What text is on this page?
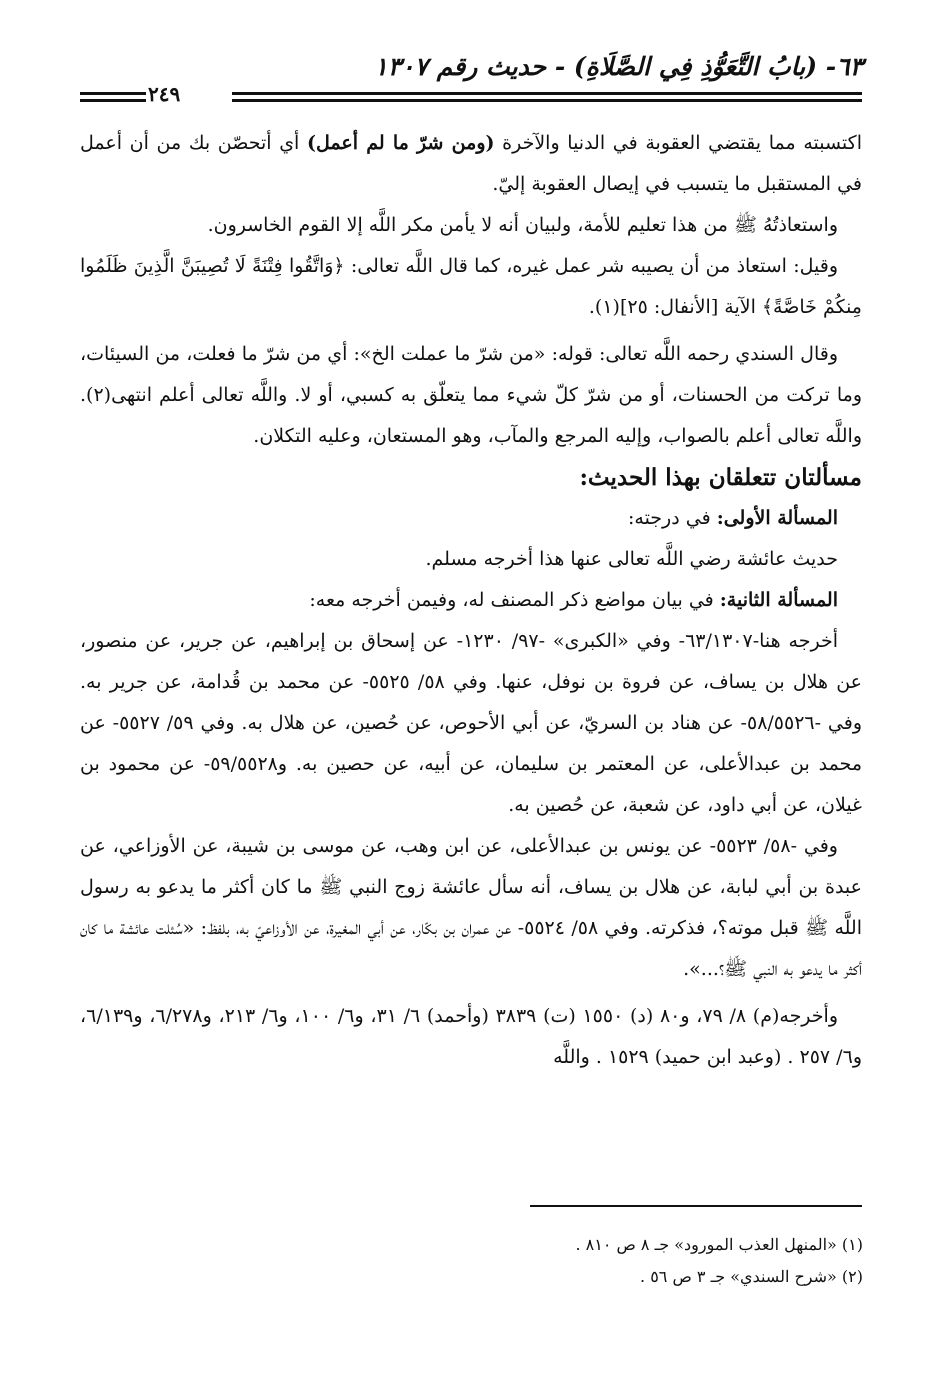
٦٣- (بابُ التَّعَوُّذِ فِي الصَّلَاةِ) - حديث رقم ١٣٠٧
٢٤٩

اكتسبته مما يقتضي العقوبة في الدنيا والآخرة (ومن شرّ ما لم أعمل) أي أتحصّن بك من أن أعمل في المستقبل ما يتسبب في إيصال العقوبة إليّ.

واستعاذتُهُ ﷺ من هذا تعليم للأمة، ولبيان أنه لا يأمن مكر اللَّه إلا القوم الخاسرون.

وقيل: استعاذ من أن يصيبه شر عمل غيره، كما قال اللَّه تعالى: ﴿وَاتَّقُوا فِتْنَةً لَا تُصِيبَنَّ الَّذِينَ ظَلَمُوا مِنكُمْ خَاصَّةً﴾ الآية [الأنفال: ٢٥](١).

وقال السندي رحمه اللَّه تعالى: قوله: «من شرّ ما عملت الخ»: أي من شرّ ما فعلت، من السيئات، وما تركت من الحسنات، أو من شرّ كلّ شيء مما يتعلّق به كسبي، أو لا. واللَّه تعالى أعلم انتهى(٢). واللَّه تعالى أعلم بالصواب، وإليه المرجع والمآب، وهو المستعان، وعليه التكلان.

مسألتان تتعلقان بهذا الحديث:

المسألة الأولى: في درجته:

حديث عائشة رضي اللَّه تعالى عنها هذا أخرجه مسلم.

المسألة الثانية: في بيان مواضع ذكر المصنف له، وفيمن أخرجه معه:

أخرجه هنا-٦٣/١٣٠٧- وفي «الكبرى» -٩٧/ ١٢٣٠- عن إسحاق بن إبراهيم، عن جرير، عن منصور، عن هلال بن يساف، عن فروة بن نوفل، عنها. وفي ٥٨/ ٥٥٢٥- عن محمد بن قُدامة، عن جرير به. وفي -٥٨/٥٥٢٦- عن هناد بن السريّ، عن أبي الأحوص، عن حُصين، عن هلال به. وفي ٥٩/ ٥٥٢٧- عن محمد بن عبدالأعلى، عن المعتمر بن سليمان، عن أبيه، عن حصين به. و٥٩/٥٥٢٨- عن محمود بن غيلان، عن أبي داود، عن شعبة، عن حُصين به.

وفي -٥٨/ ٥٥٢٣- عن يونس بن عبدالأعلى، عن ابن وهب، عن موسى بن شيبة، عن الأوزاعي، عن عبدة بن أبي لبابة، عن هلال بن يساف، أنه سأل عائشة زوج النبي ﷺ ما كان أكثر ما يدعو به رسول اللَّه ﷺ قبل موته؟، فذكرته. وفي ٥٨/ ٥٥٢٤- عن عمران بن بكّار، عن أبي المغيرة، عن الأوزاعيّ به، بلفظ: «سُئلت عائشة ما كان أكثر ما يدعو به النبي ﷺ؟...».

وأخرجه(م) ٨/ ٧٩، و٨٠ (د) ١٥٥٠ (ت) ٣٨٣٩ (وأحمد) ٦/ ٣١، و٦/ ١٠٠، و٦/ ٢١٣، و٦/٢٧٨، و٦/١٣٩، و٦/ ٢٥٧ . (وعبد ابن حميد) ١٥٢٩ . واللَّه

(١) «المنهل العذب المورود» جـ ٨ ص ٨١٠ .

(٢) «شرح السندي» جـ ٣ ص ٥٦ .
